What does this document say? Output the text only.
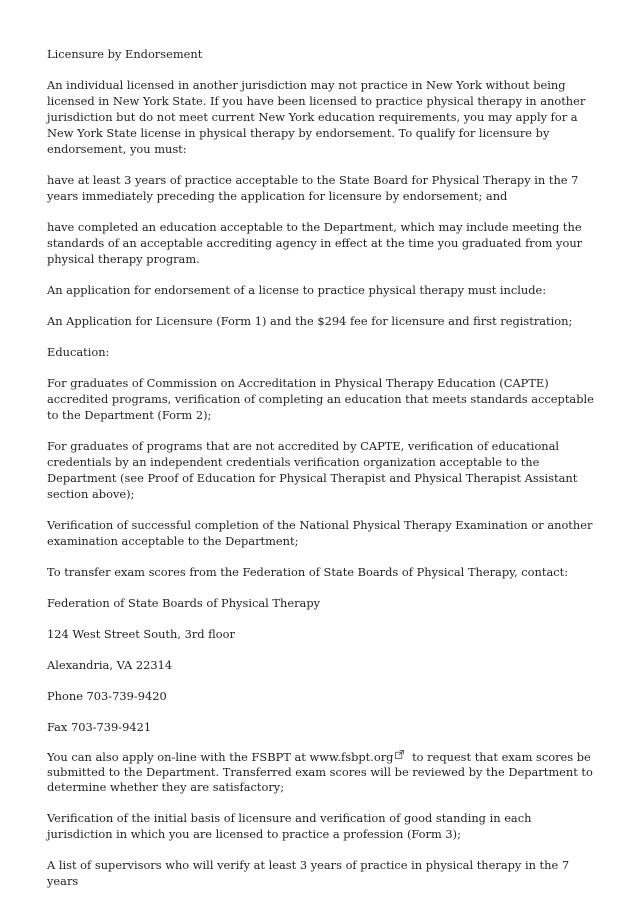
Licensure by Endorsement

An individual licensed in another jurisdiction may not practice in New York without being licensed in New York State. If you have been licensed to practice physical therapy in another jurisdiction but do not meet current New York education requirements, you may apply for a New York State license in physical therapy by endorsement. To qualify for licensure by endorsement, you must:

have at least 3 years of practice acceptable to the State Board for Physical Therapy in the 7 years immediately preceding the application for licensure by endorsement; and

have completed an education acceptable to the Department, which may include meeting the standards of an acceptable accrediting agency in effect at the time you graduated from your physical therapy program.

An application for endorsement of a license to practice physical therapy must include:

An Application for Licensure (Form 1) and the $294 fee for licensure and first registration;

Education:

For graduates of Commission on Accreditation in Physical Therapy Education (CAPTE) accredited programs, verification of completing an education that meets standards acceptable to the Department (Form 2);

For graduates of programs that are not accredited by CAPTE, verification of educational credentials by an independent credentials verification organization acceptable to the Department (see Proof of Education for Physical Therapist and Physical Therapist Assistant section above);

Verification of successful completion of the National Physical Therapy Examination or another examination acceptable to the Department;

To transfer exam scores from the Federation of State Boards of Physical Therapy, contact:

Federation of State Boards of Physical Therapy

124 West Street South, 3rd floor

Alexandria, VA 22314

Phone 703-739-9420

Fax 703-739-9421

You can also apply on-line with the FSBPT at www.fsbpt.org to request that exam scores be submitted to the Department. Transferred exam scores will be reviewed by the Department to determine whether they are satisfactory;

Verification of the initial basis of licensure and verification of good standing in each jurisdiction in which you are licensed to practice a profession (Form 3);

A list of supervisors who will verify at least 3 years of practice in physical therapy in the 7 years
